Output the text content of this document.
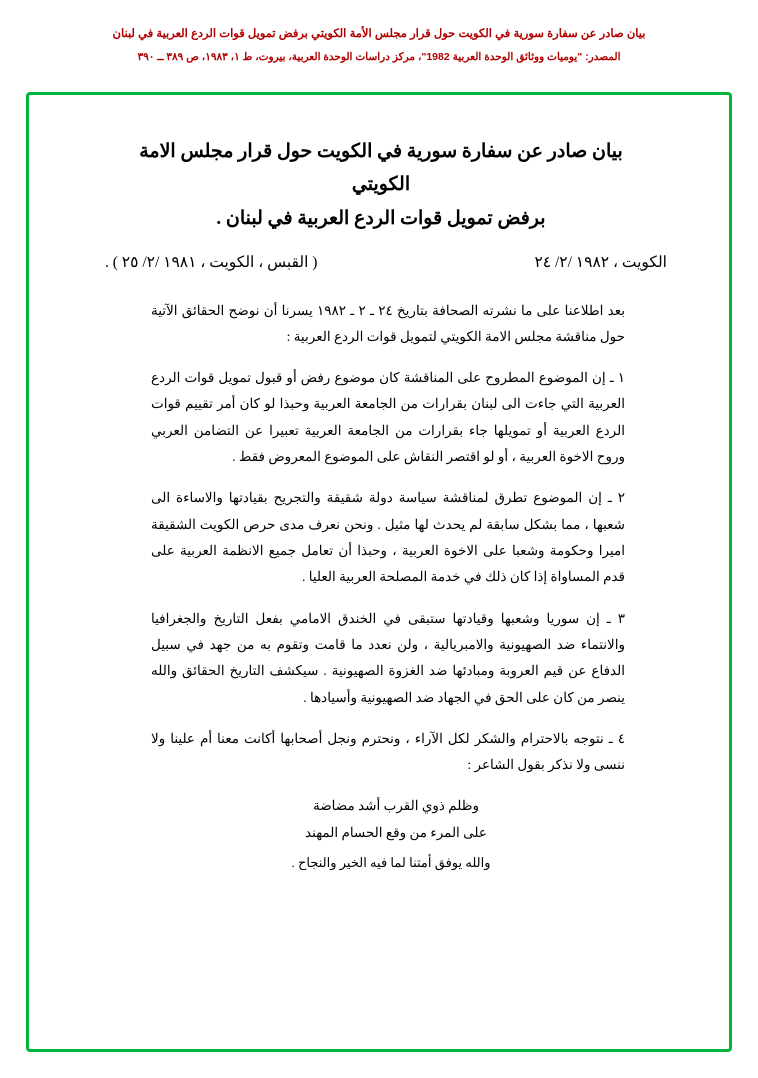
بيان صادر عن سفارة سورية في الكويت حول قرار مجلس الأمة الكويتي برفض تمويل قوات الردع العربية في لبنان
المصدر: "يوميات ووثائق الوحدة العربية 1982"، مركز دراسات الوحدة العربية، بيروت، ط ١، ١٩٨٣، ص ٣٨٩ ــ ٣٩٠
بيان صادر عن سفارة سورية في الكويت حول قرار مجلس الامة الكويتي
برفض تمويل قوات الردع العربية في لبنان .
الكويت ، ١٩٨٢ /٢/ ٢٤
( القبس ، الكويت ، ١٩٨١ /٢/ ٢٥ ) .

بعد اطلاعنا على ما نشرته الصحافة بتاريخ ٢٤ ـ ٢ ـ ١٩٨٢ يسرنا أن نوضح الحقائق الآتية حول مناقشة مجلس الامة الكويتي لتمويل قوات الردع العربية :

١ ـ إن الموضوع المطروح على المناقشة كان موضوع رفض أو قبول تمويل قوات الردع العربية التي جاءت الى لبنان بقرارات من الجامعة العربية وحبذا لو كان أمر تقييم قوات الردع العربية أو تمويلها جاء بقرارات من الجامعة العربية تعبيرا عن التضامن العربي وروح الاخوة العربية ، أو لو اقتصر النقاش على الموضوع المعروض فقط .

٢ ـ إن الموضوع تطرق لمناقشة سياسة دولة شقيقة والتجريح بقيادتها والاساءة الى شعبها ، مما بشكل سابقة لم يحدث لها مثيل . ونحن نعرف مدى حرص الكويت الشقيقة اميرا وحكومة وشعبا على الاخوة العربية ، وحبذا أن تعامل جميع الانظمة العربية على قدم المساواة إذا كان ذلك في خدمة المصلحة العربية العليا .

٣ ـ إن سوريا وشعبها وقيادتها ستبقى في الخندق الامامي بفعل التاريخ والجغرافيا والانتماء ضد الصهيونية والامبريالية ، ولن نعدد ما قامت وتقوم به من جهد في سبيل الدفاع عن قيم العروبة ومبادئها ضد الغزوة الصهيونية . سيكشف التاريخ الحقائق والله ينصر من كان على الحق في الجهاد ضد الصهيونية وأسيادها .

٤ ـ نتوجه بالاحترام والشكر لكل الآراء ، ونحترم ونجل أصحابها أكانت معنا أم علينا ولا ننسى ولا نذكر بقول الشاعر :

وظلم ذوي القرب أشد مضاضة
على المرء من وقع الحسام المهند
والله يوفق أمتنا لما فيه الخير والنجاح .
